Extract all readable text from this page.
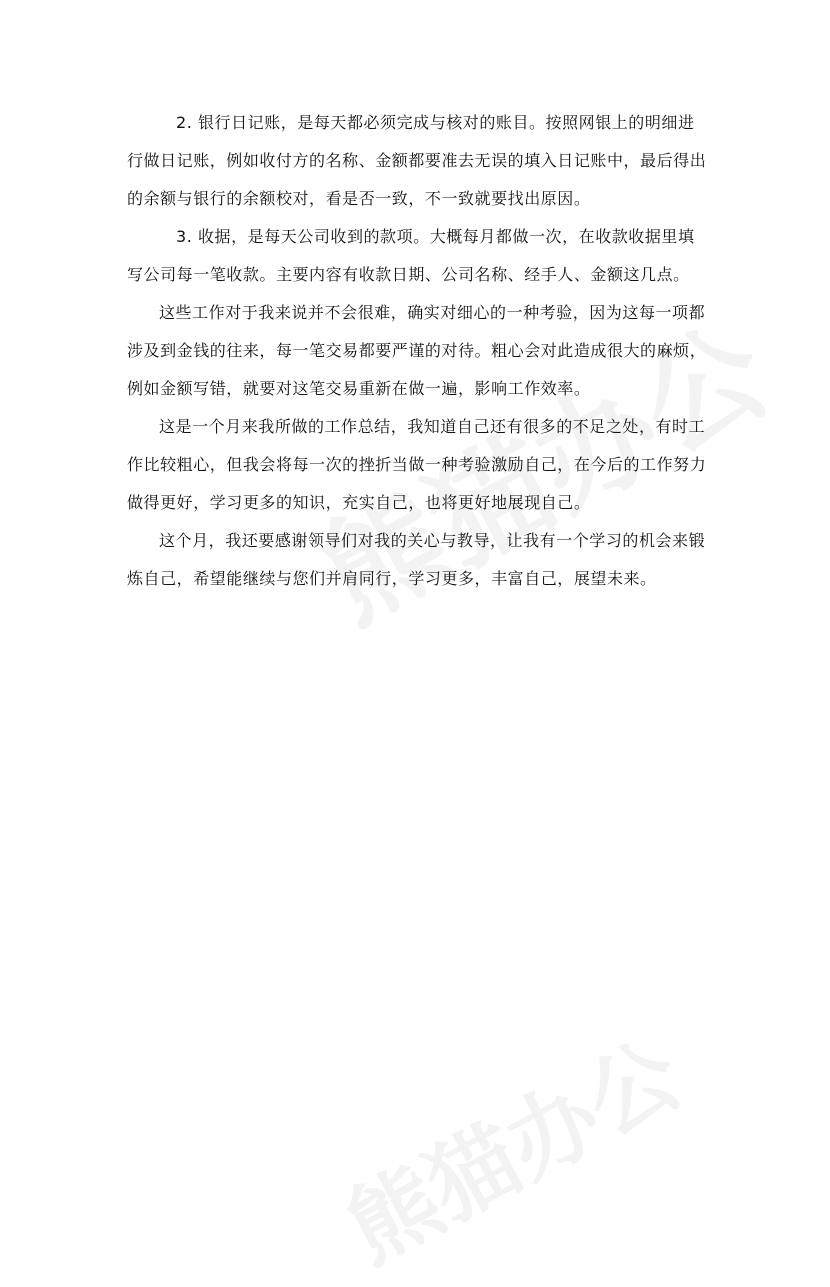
2. 银行日记账，是每天都必须完成与核对的账目。按照网银上的明细进
行做日记账，例如收付方的名称、金额都要准去无误的填入日记账中，最后得出
的余额与银行的余额校对，看是否一致，不一致就要找出原因。
3. 收据，是每天公司收到的款项。大概每月都做一次，在收款收据里填
写公司每一笔收款。主要内容有收款日期、公司名称、经手人、金额这几点。
这些工作对于我来说并不会很难，确实对细心的一种考验，因为这每一项都
涉及到金钱的往来，每一笔交易都要严谨的对待。粗心会对此造成很大的麻烦，
例如金额写错，就要对这笔交易重新在做一遍，影响工作效率。
这是一个月来我所做的工作总结，我知道自己还有很多的不足之处，有时工
作比较粗心，但我会将每一次的挫折当做一种考验激励自己，在今后的工作努力
做得更好，学习更多的知识，充实自己，也将更好地展现自己。
这个月，我还要感谢领导们对我的关心与教导，让我有一个学习的机会来锻
炼自己，希望能继续与您们并肩同行，学习更多，丰富自己，展望未来。
